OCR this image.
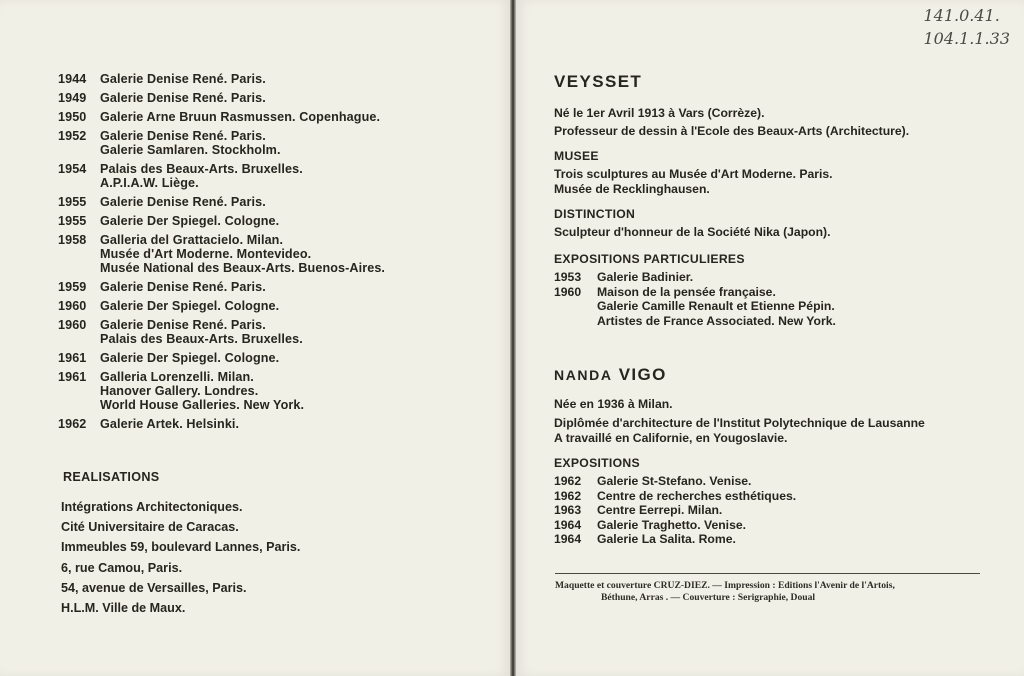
141.0.41.
104.1.1.33
1944	Galerie Denise René. Paris.
1949	Galerie Denise René. Paris.
1950	Galerie Arne Bruun Rasmussen. Copenhague.
1952	Galerie Denise René. Paris.
Galerie Samlaren. Stockholm.
1954	Palais des Beaux-Arts. Bruxelles.
A.P.I.A.W. Liège.
1955	Galerie Denise René. Paris.
1955	Galerie Der Spiegel. Cologne.
1958	Galleria del Grattacielo. Milan.
Musée d'Art Moderne. Montevideo.
Musée National des Beaux-Arts. Buenos-Aires.
1959	Galerie Denise René. Paris.
1960	Galerie Der Spiegel. Cologne.
1960	Galerie Denise René. Paris.
Palais des Beaux-Arts. Bruxelles.
1961	Galerie Der Spiegel. Cologne.
1961	Galleria Lorenzelli. Milan.
Hanover Gallery. Londres.
World House Galleries. New York.
1962	Galerie Artek. Helsinki.
REALISATIONS
Intégrations Architectoniques.
Cité Universitaire de Caracas.
Immeubles 59, boulevard Lannes, Paris.
6, rue Camou, Paris.
54, avenue de Versailles, Paris.
H.L.M. Ville de Maux.
VEYSSET
Né le 1er Avril 1913 à Vars (Corrèze).
Professeur de dessin à l'Ecole des Beaux-Arts (Architecture).
MUSEE
Trois sculptures au Musée d'Art Moderne. Paris.
Musée de Recklinghausen.
DISTINCTION
Sculpteur d'honneur de la Société Nika (Japon).
EXPOSITIONS PARTICULIERES
1953	Galerie Badinier.
1960	Maison de la pensée française.
Galerie Camille Renault et Etienne Pépin.
Artistes de France Associated. New York.
NANDA VIGO
Née en 1936 à Milan.
Diplômée d'architecture de l'Institut Polytechnique de Lausanne
A travaillé en Californie, en Yougoslavie.
EXPOSITIONS
1962	Galerie St-Stefano. Venise.
1962	Centre de recherches esthétiques.
1963	Centre Eerrepi. Milan.
1964	Galerie Traghetto. Venise.
1964	Galerie La Salita. Rome.
Maquette et couverture CRUZ-DIEZ. — Impression : Editions l'Avenir de l'Artois,
Béthune, Arras . — Couverture : Serigraphie, Doual
